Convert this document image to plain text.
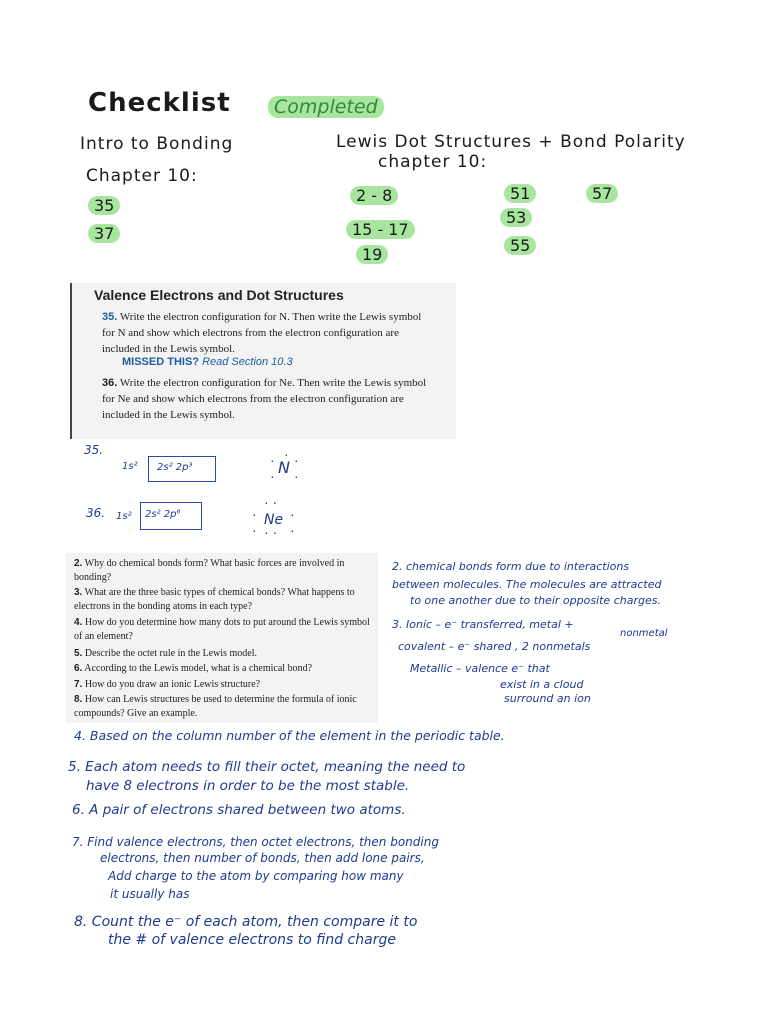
Checklist	Completed
Intro to Bonding
Chapter 10:
35
37
Lewis Dot Structures + Bond Polarity
chapter 10:
2 - 8
15 - 17
19
51
53
55
57
Valence Electrons and Dot Structures
35. Write the electron configuration for N. Then write the Lewis symbol for N and show which electrons from the electron configuration are included in the Lewis symbol.
MISSED THIS? Read Section 10.3
36. Write the electron configuration for Ne. Then write the Lewis symbol for Ne and show which electrons from the electron configuration are included in the Lewis symbol.
35.
1s² 2s² 2p³	N
·
·
·
·
·
36. 1s² 2s² 2p⁶	Ne
· ·
· ·
·
·
·
·
2. Why do chemical bonds form? What basic forces are involved in bonding?
3. What are the three basic types of chemical bonds? What happens to electrons in the bonding atoms in each type?
4. How do you determine how many dots to put around the Lewis symbol of an element?
5. Describe the octet rule in the Lewis model.
6. According to the Lewis model, what is a chemical bond?
7. How do you draw an ionic Lewis structure?
8. How can Lewis structures be used to determine the formula of ionic compounds? Give an example.
2. chemical bonds form due to interactions
between molecules. The molecules are attracted
to one another due to their opposite charges.
3. Ionic – e⁻ transferred, metal +
nonmetal
covalent – e⁻ shared , 2 nonmetals
Metallic – valence e⁻ that
exist in a cloud
surround an ion
4. Based on the column number of the element in the periodic table.
5. Each atom needs to fill their octet, meaning the need to
have 8 electrons in order to be the most stable.
6. A pair of electrons shared between two atoms.
7. Find valence electrons, then octet electrons, then bonding
electrons, then number of bonds, then add lone pairs,
Add charge to the atom by comparing how many
it usually has
8. Count the e⁻ of each atom, then compare it to
the # of valence electrons to find charge
